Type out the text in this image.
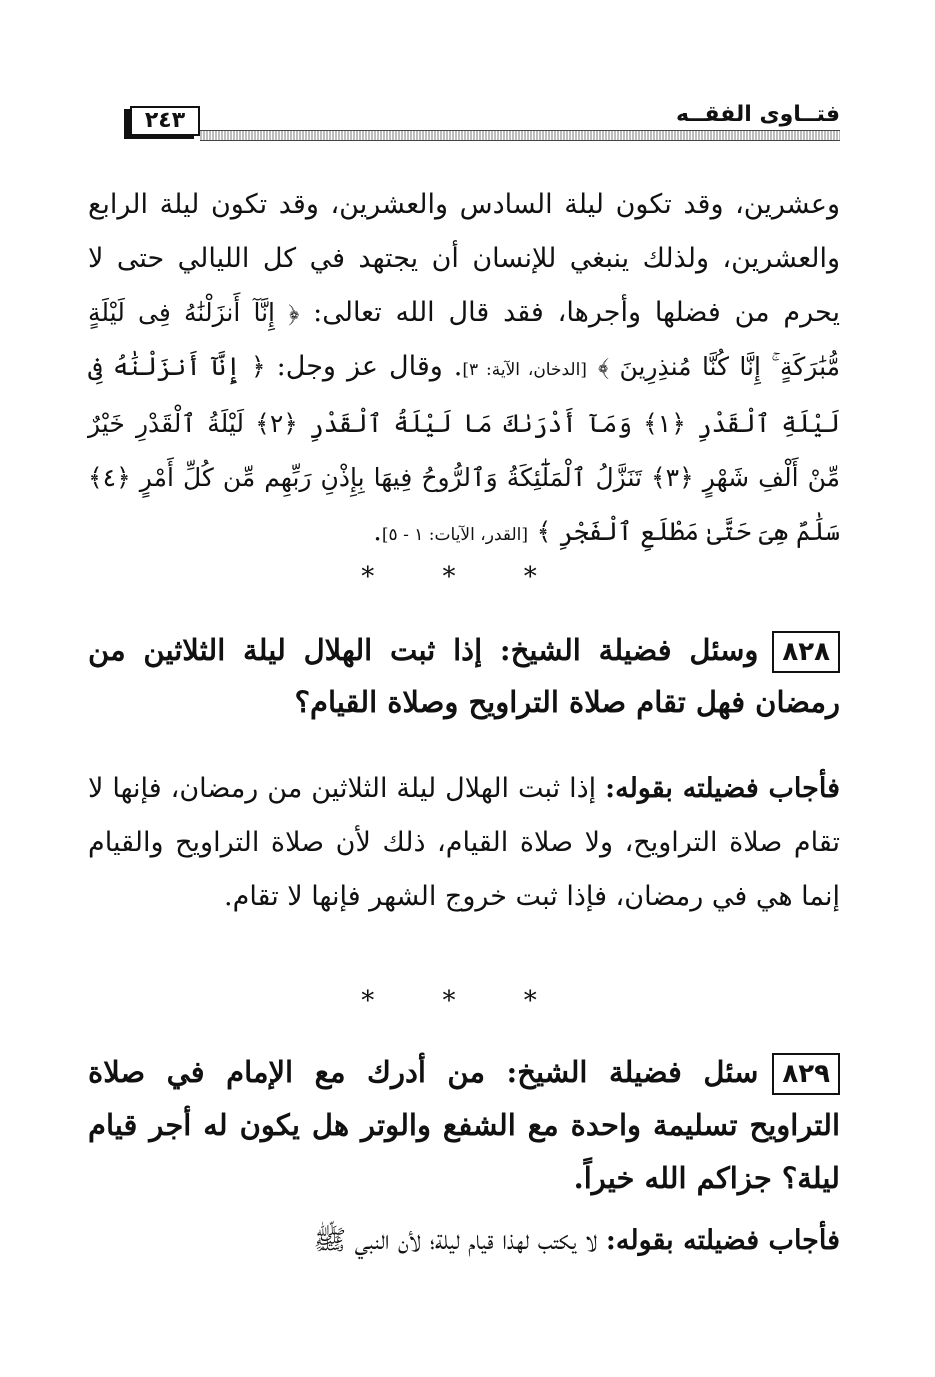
٢٤٣	فتــاوى الفقــه
وعشرين، وقد تكون ليلة السادس والعشرين، وقد تكون ليلة الرابع والعشرين، ولذلك ينبغي للإنسان أن يجتهد في كل الليالي حتى لا يحرم من فضلها وأجرها، فقد قال الله تعالى: ﴿ إِنَّآ أَنزَلْنَٰهُ فِى لَيْلَةٍ مُّبَٰرَكَةٍ ۚ إِنَّا كُنَّا مُنذِرِينَ ﴾ [الدخان، الآية: ٣]. وقال عز وجل: ﴿ إِنَّآ أَنزَلْنَٰهُ فِى لَيْلَةِ ٱلْقَدْرِ ﴿١﴾ وَمَآ أَدْرَىٰكَ مَا لَيْلَةُ ٱلْقَدْرِ ﴿٢﴾ لَيْلَةُ ٱلْقَدْرِ خَيْرٌ مِّنْ أَلْفِ شَهْرٍ ﴿٣﴾ تَنَزَّلُ ٱلْمَلَٰٓئِكَةُ وَٱلرُّوحُ فِيهَا بِإِذْنِ رَبِّهِم مِّن كُلِّ أَمْرٍ ﴿٤﴾ سَلَٰمٌ هِىَ حَتَّىٰ مَطْلَعِ ٱلْفَجْرِ ﴾ [القدر، الآيات: ١ - ٥].
* * *
٨٢٨وسئل فضيلة الشيخ: إذا ثبت الهلال ليلة الثلاثين من رمضان فهل تقام صلاة التراويح وصلاة القيام؟
فأجاب فضيلته بقوله: إذا ثبت الهلال ليلة الثلاثين من رمضان، فإنها لا تقام صلاة التراويح، ولا صلاة القيام، ذلك لأن صلاة التراويح والقيام إنما هي في رمضان، فإذا ثبت خروج الشهر فإنها لا تقام.
* * *
٨٢٩سئل فضيلة الشيخ: من أدرك مع الإمام في صلاة التراويح تسليمة واحدة مع الشفع والوتر هل يكون له أجر قيام ليلة؟ جزاكم الله خيراً.
فأجاب فضيلته بقوله: لا يكتب لهذا قيام ليلة؛ لأن النبي ﷺ
